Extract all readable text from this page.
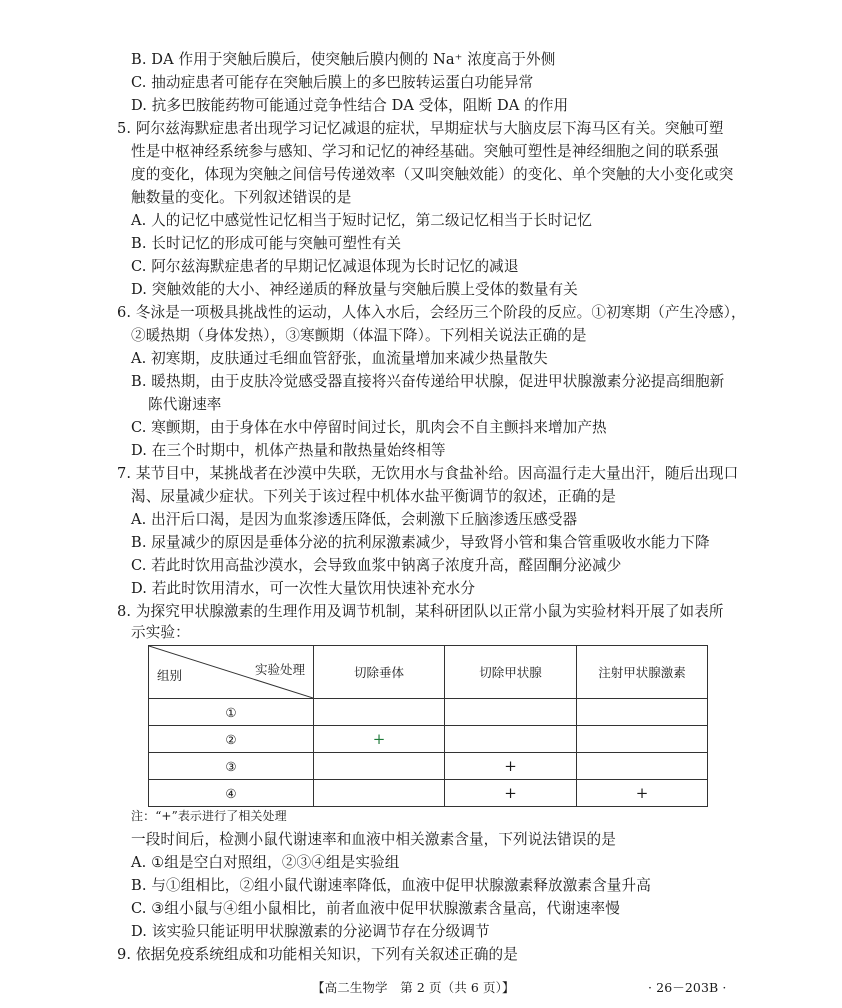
B. DA 作用于突触后膜后，使突触后膜内侧的 Na⁺ 浓度高于外侧
C. 抽动症患者可能存在突触后膜上的多巴胺转运蛋白功能异常
D. 抗多巴胺能药物可能通过竞争性结合 DA 受体，阻断 DA 的作用
5. 阿尔兹海默症患者出现学习记忆减退的症状，早期症状与大脑皮层下海马区有关。突触可塑
性是中枢神经系统参与感知、学习和记忆的神经基础。突触可塑性是神经细胞之间的联系强
度的变化，体现为突触之间信号传递效率（又叫突触效能）的变化、单个突触的大小变化或突
触数量的变化。下列叙述错误的是
A. 人的记忆中感觉性记忆相当于短时记忆，第二级记忆相当于长时记忆
B. 长时记忆的形成可能与突触可塑性有关
C. 阿尔兹海默症患者的早期记忆减退体现为长时记忆的减退
D. 突触效能的大小、神经递质的释放量与突触后膜上受体的数量有关
6. 冬泳是一项极具挑战性的运动，人体入水后，会经历三个阶段的反应。①初寒期（产生冷感），
②暖热期（身体发热），③寒颤期（体温下降）。下列相关说法正确的是
A. 初寒期，皮肤通过毛细血管舒张，血流量增加来减少热量散失
B. 暖热期，由于皮肤冷觉感受器直接将兴奋传递给甲状腺，促进甲状腺激素分泌提高细胞新
陈代谢速率
C. 寒颤期，由于身体在水中停留时间过长，肌肉会不自主颤抖来增加产热
D. 在三个时期中，机体产热量和散热量始终相等
7. 某节目中，某挑战者在沙漠中失联，无饮用水与食盐补给。因高温行走大量出汗，随后出现口
渴、尿量减少症状。下列关于该过程中机体水盐平衡调节的叙述，正确的是
A. 出汗后口渴，是因为血浆渗透压降低，会刺激下丘脑渗透压感受器
B. 尿量减少的原因是垂体分泌的抗利尿激素减少，导致肾小管和集合管重吸收水能力下降
C. 若此时饮用高盐沙漠水，会导致血浆中钠离子浓度升高，醛固酮分泌减少
D. 若此时饮用清水，可一次性大量饮用快速补充水分
8. 为探究甲状腺激素的生理作用及调节机制，某科研团队以正常小鼠为实验材料开展了如表所
示实验：
组别 实验处理	切除垂体	切除甲状腺	注射甲状腺激素
①			
②	+		
③		+	
④		+	+
注：“+”表示进行了相关处理
一段时间后，检测小鼠代谢速率和血液中相关激素含量，下列说法错误的是
A. ①组是空白对照组，②③④组是实验组
B. 与①组相比，②组小鼠代谢速率降低，血液中促甲状腺激素释放激素含量升高
C. ③组小鼠与④组小鼠相比，前者血液中促甲状腺激素含量高，代谢速率慢
D. 该实验只能证明甲状腺激素的分泌调节存在分级调节
9. 依据免疫系统组成和功能相关知识，下列有关叙述正确的是
【高二生物学　第 2 页（共 6 页）】	· 26－203B ·
